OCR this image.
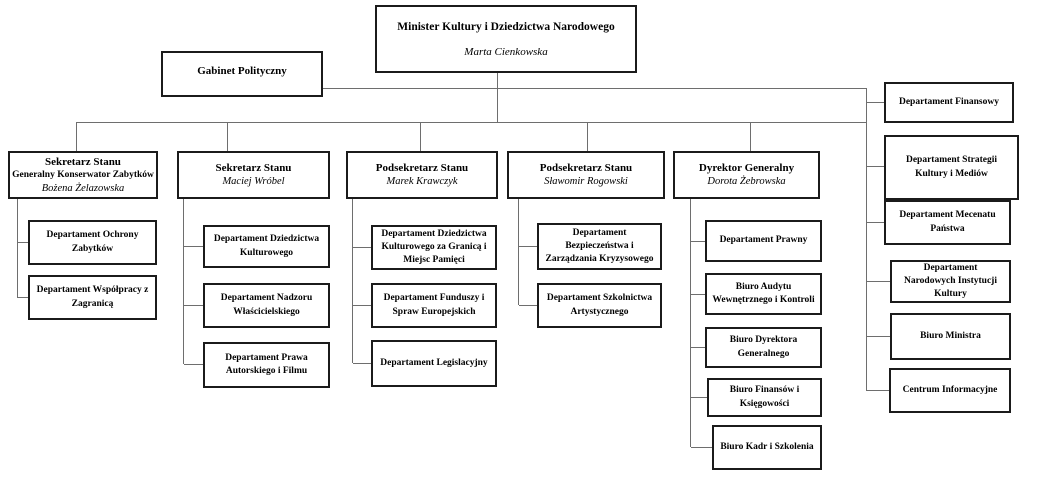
Minister Kultury i Dziedzictwa Narodowego
Marta Cienkowska
Gabinet Polityczny
Sekretarz Stanu
Generalny Konserwator Zabytków
Bożena Żelazowska
Sekretarz Stanu
Maciej Wróbel
Podsekretarz Stanu
Marek Krawczyk
Podsekretarz Stanu
Sławomir Rogowski
Dyrektor Generalny
Dorota Żebrowska
Departament Ochrony Zabytków
Departament Współpracy z Zagranicą
Departament Dziedzictwa Kulturowego
Departament Nadzoru Właścicielskiego
Departament Prawa Autorskiego i Filmu
Departament Dziedzictwa Kulturowego za Granicą i Miejsc Pamięci
Departament Funduszy i Spraw Europejskich
Departament Legislacyjny
Departament Bezpieczeństwa i Zarządzania Kryzysowego
Departament Szkolnictwa Artystycznego
Departament Prawny
Biuro Audytu Wewnętrznego i Kontroli
Biuro Dyrektora Generalnego
Biuro Finansów i Księgowości
Biuro Kadr i Szkolenia
Departament Finansowy
Departament Strategii Kultury i Mediów
Departament Mecenatu Państwa
Departament Narodowych Instytucji Kultury
Biuro Ministra
Centrum Informacyjne
